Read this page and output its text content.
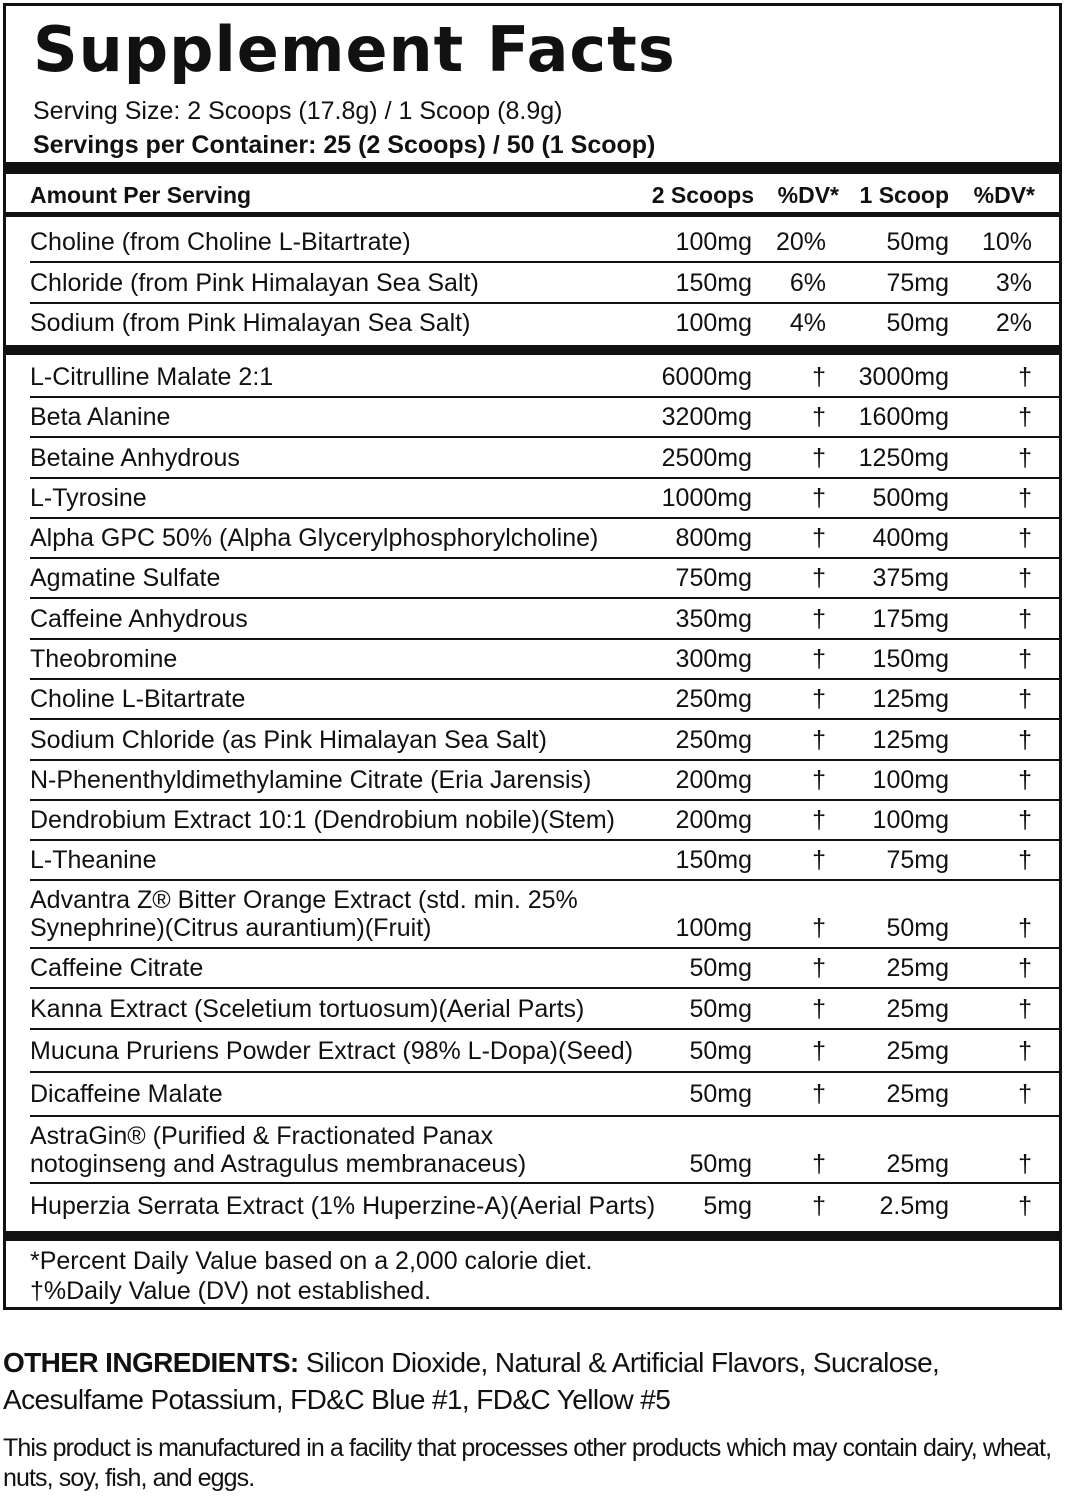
Supplement Facts
Serving Size: 2 Scoops (17.8g) / 1 Scoop (8.9g)
Servings per Container: 25 (2 Scoops) / 50 (1 Scoop)
Amount Per Serving	2 Scoops %DV* 1 Scoop %DV*
Choline (from Choline L-Bitartrate)	100mg 20% 50mg 10%
Chloride (from Pink Himalayan Sea Salt)	150mg 6% 75mg 3%
Sodium (from Pink Himalayan Sea Salt)	100mg 4% 50mg 2%
L-Citrulline Malate 2:1	6000mg † 3000mg	†
Beta Alanine	3200mg † 1600mg	†
Betaine Anhydrous	2500mg † 1250mg	†
L-Tyrosine	1000mg † 500mg	†
Alpha GPC 50% (Alpha Glycerylphosphorylcholine)	800mg † 400mg	†
Agmatine Sulfate	750mg † 375mg	†
Caffeine Anhydrous	350mg † 175mg	†
Theobromine	300mg † 150mg	†
Choline L-Bitartrate	250mg † 125mg	†
Sodium Chloride (as Pink Himalayan Sea Salt)	250mg † 125mg	†
N-Phenenthyldimethylamine Citrate (Eria Jarensis)	200mg † 100mg	†
Dendrobium Extract 10:1 (Dendrobium nobile)(Stem) 200mg † 100mg	†
L-Theanine	150mg † 75mg	†
Advantra Z® Bitter Orange Extract (std. min. 25%
Synephrine)(Citrus aurantium)(Fruit)	100mg † 50mg	†
Caffeine Citrate	50mg † 25mg	†
Kanna Extract (Sceletium tortuosum)(Aerial Parts)	50mg † 25mg	†
Mucuna Pruriens Powder Extract (98% L-Dopa)(Seed) 50mg † 25mg	†
Dicaffeine Malate	50mg † 25mg	†
AstraGin® (Purified & Fractionated Panax
notoginseng and Astragulus membranaceus)	50mg † 25mg	†
Huperzia Serrata Extract (1% Huperzine-A)(Aerial Parts) 5mg † 2.5mg	†
*Percent Daily Value based on a 2,000 calorie diet.
†%Daily Value (DV) not established.
OTHER INGREDIENTS: Silicon Dioxide, Natural & Artificial Flavors, Sucralose, Acesulfame Potassium, FD&C Blue #1, FD&C Yellow #5
This product is manufactured in a facility that processes other products which may contain dairy, wheat, nuts, soy, fish, and eggs.
